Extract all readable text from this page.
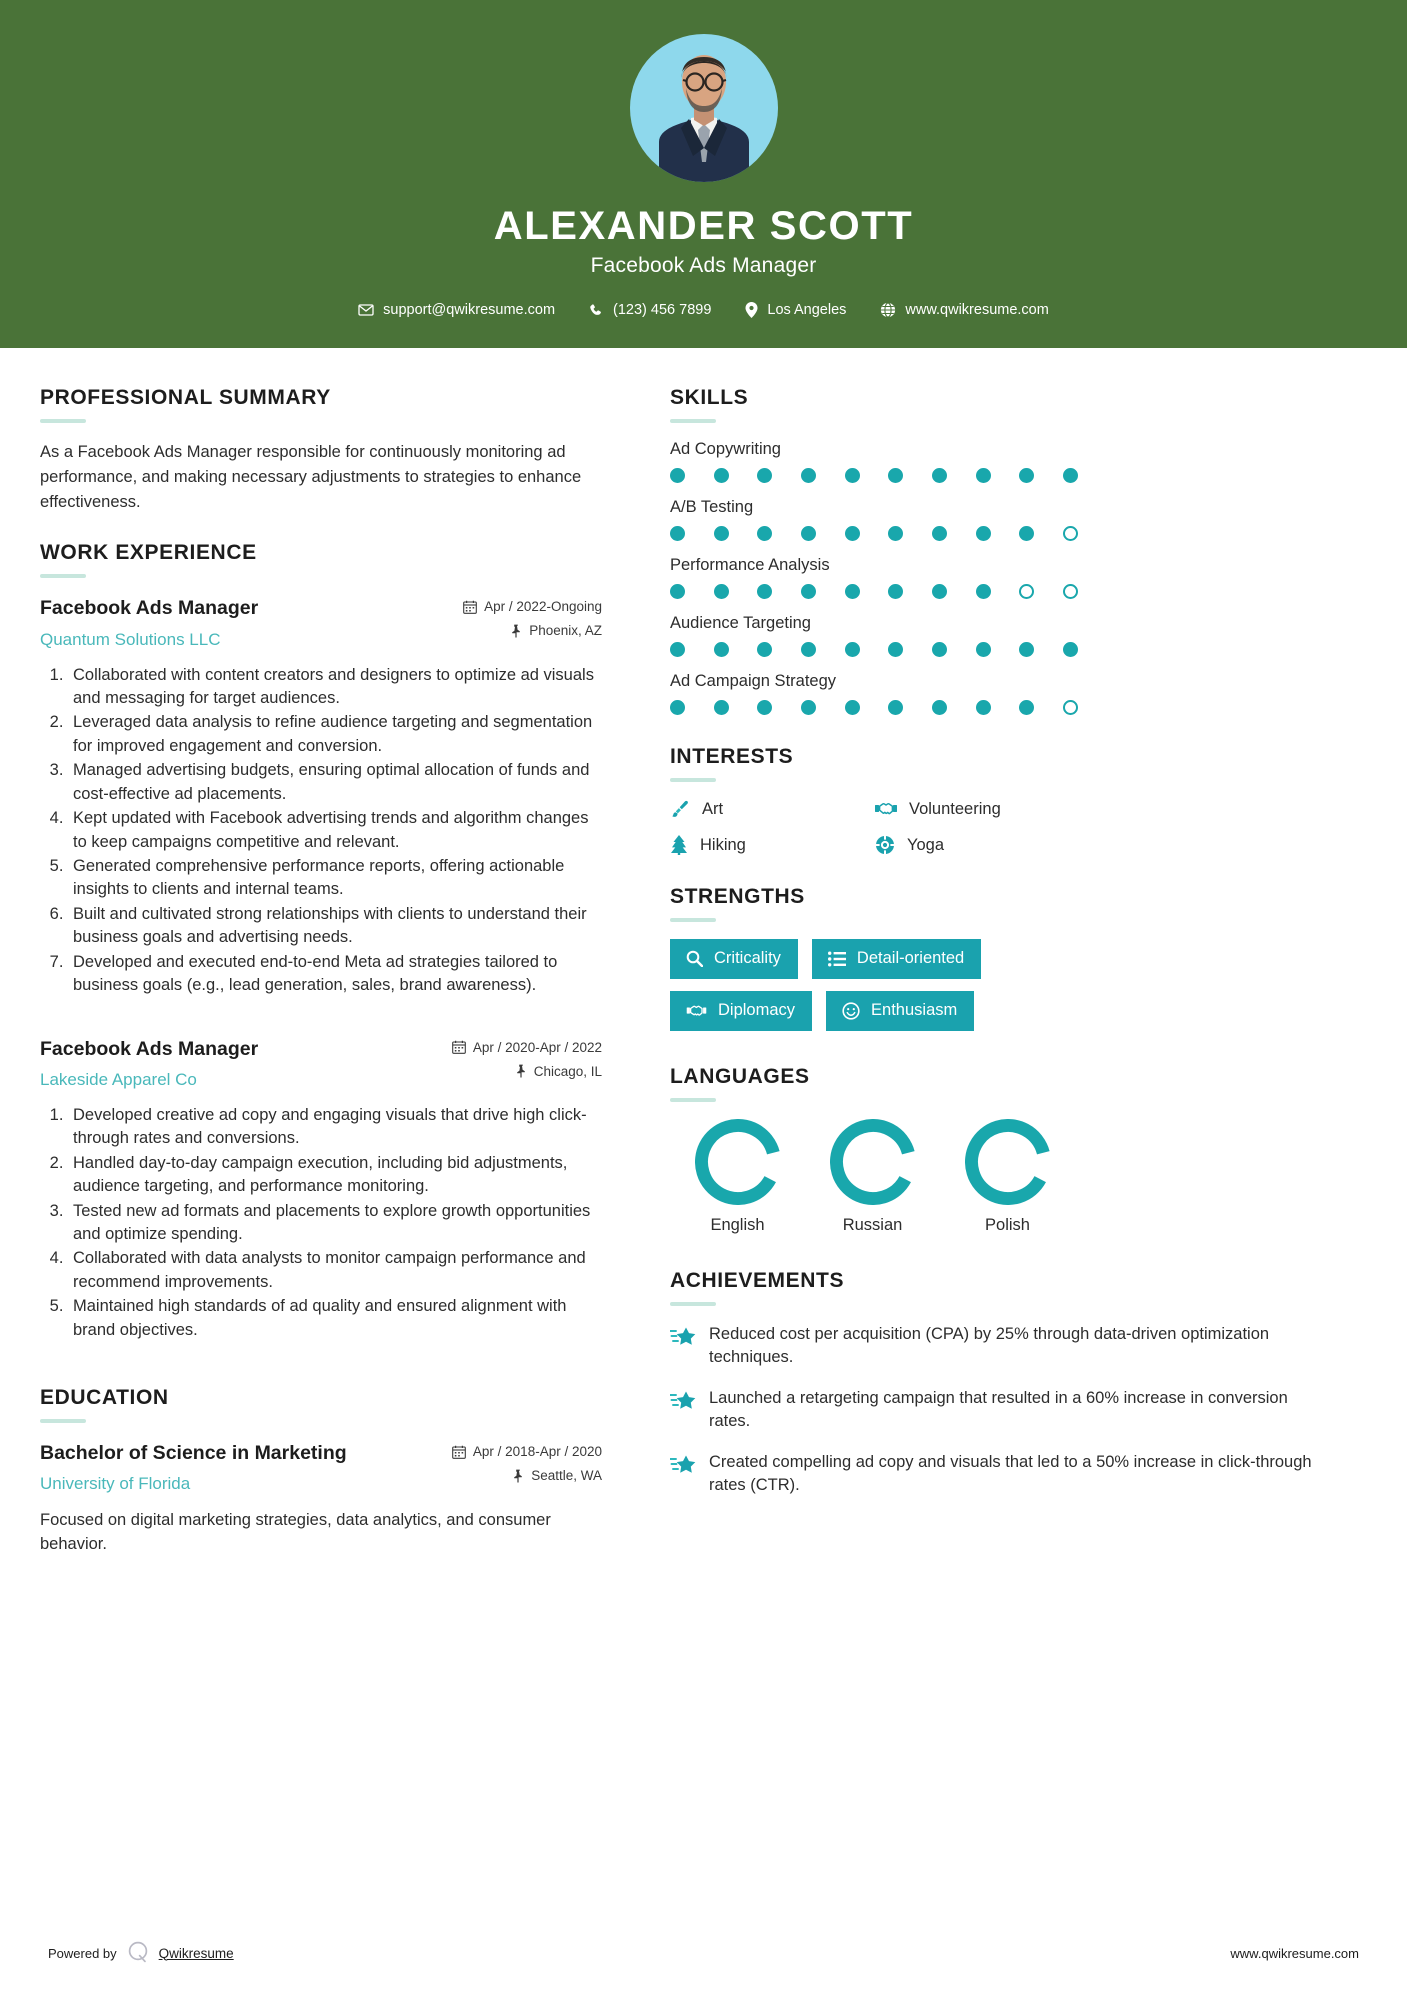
ALEXANDER SCOTT
Facebook Ads Manager
support@qwikresume.com	(123) 456 7899	Los Angeles	www.qwikresume.com
PROFESSIONAL SUMMARY
As a Facebook Ads Manager responsible for continuously monitoring ad performance, and making necessary adjustments to strategies to enhance effectiveness.
WORK EXPERIENCE
Facebook Ads Manager
Quantum Solutions LLC
Apr / 2022-Ongoing
Phoenix, AZ
1. Collaborated with content creators and designers to optimize ad visuals and messaging for target audiences.
2. Leveraged data analysis to refine audience targeting and segmentation for improved engagement and conversion.
3. Managed advertising budgets, ensuring optimal allocation of funds and cost-effective ad placements.
4. Kept updated with Facebook advertising trends and algorithm changes to keep campaigns competitive and relevant.
5. Generated comprehensive performance reports, offering actionable insights to clients and internal teams.
6. Built and cultivated strong relationships with clients to understand their business goals and advertising needs.
7. Developed and executed end-to-end Meta ad strategies tailored to business goals (e.g., lead generation, sales, brand awareness).
Facebook Ads Manager
Lakeside Apparel Co
Apr / 2020-Apr / 2022
Chicago, IL
1. Developed creative ad copy and engaging visuals that drive high click-through rates and conversions.
2. Handled day-to-day campaign execution, including bid adjustments, audience targeting, and performance monitoring.
3. Tested new ad formats and placements to explore growth opportunities and optimize spending.
4. Collaborated with data analysts to monitor campaign performance and recommend improvements.
5. Maintained high standards of ad quality and ensured alignment with brand objectives.
EDUCATION
Bachelor of Science in Marketing
University of Florida
Apr / 2018-Apr / 2020
Seattle, WA
Focused on digital marketing strategies, data analytics, and consumer behavior.
SKILLS
Ad Copywriting
A/B Testing
Performance Analysis
Audience Targeting
Ad Campaign Strategy
INTERESTS
Art	Volunteering
Hiking	Yoga
STRENGTHS
Criticality	Detail-oriented
Diplomacy	Enthusiasm
LANGUAGES
English	Russian	Polish
ACHIEVEMENTS
Reduced cost per acquisition (CPA) by 25% through data-driven optimization techniques.
Launched a retargeting campaign that resulted in a 60% increase in conversion rates.
Created compelling ad copy and visuals that led to a 50% increase in click-through rates (CTR).
Powered by	Qwikresume	www.qwikresume.com
